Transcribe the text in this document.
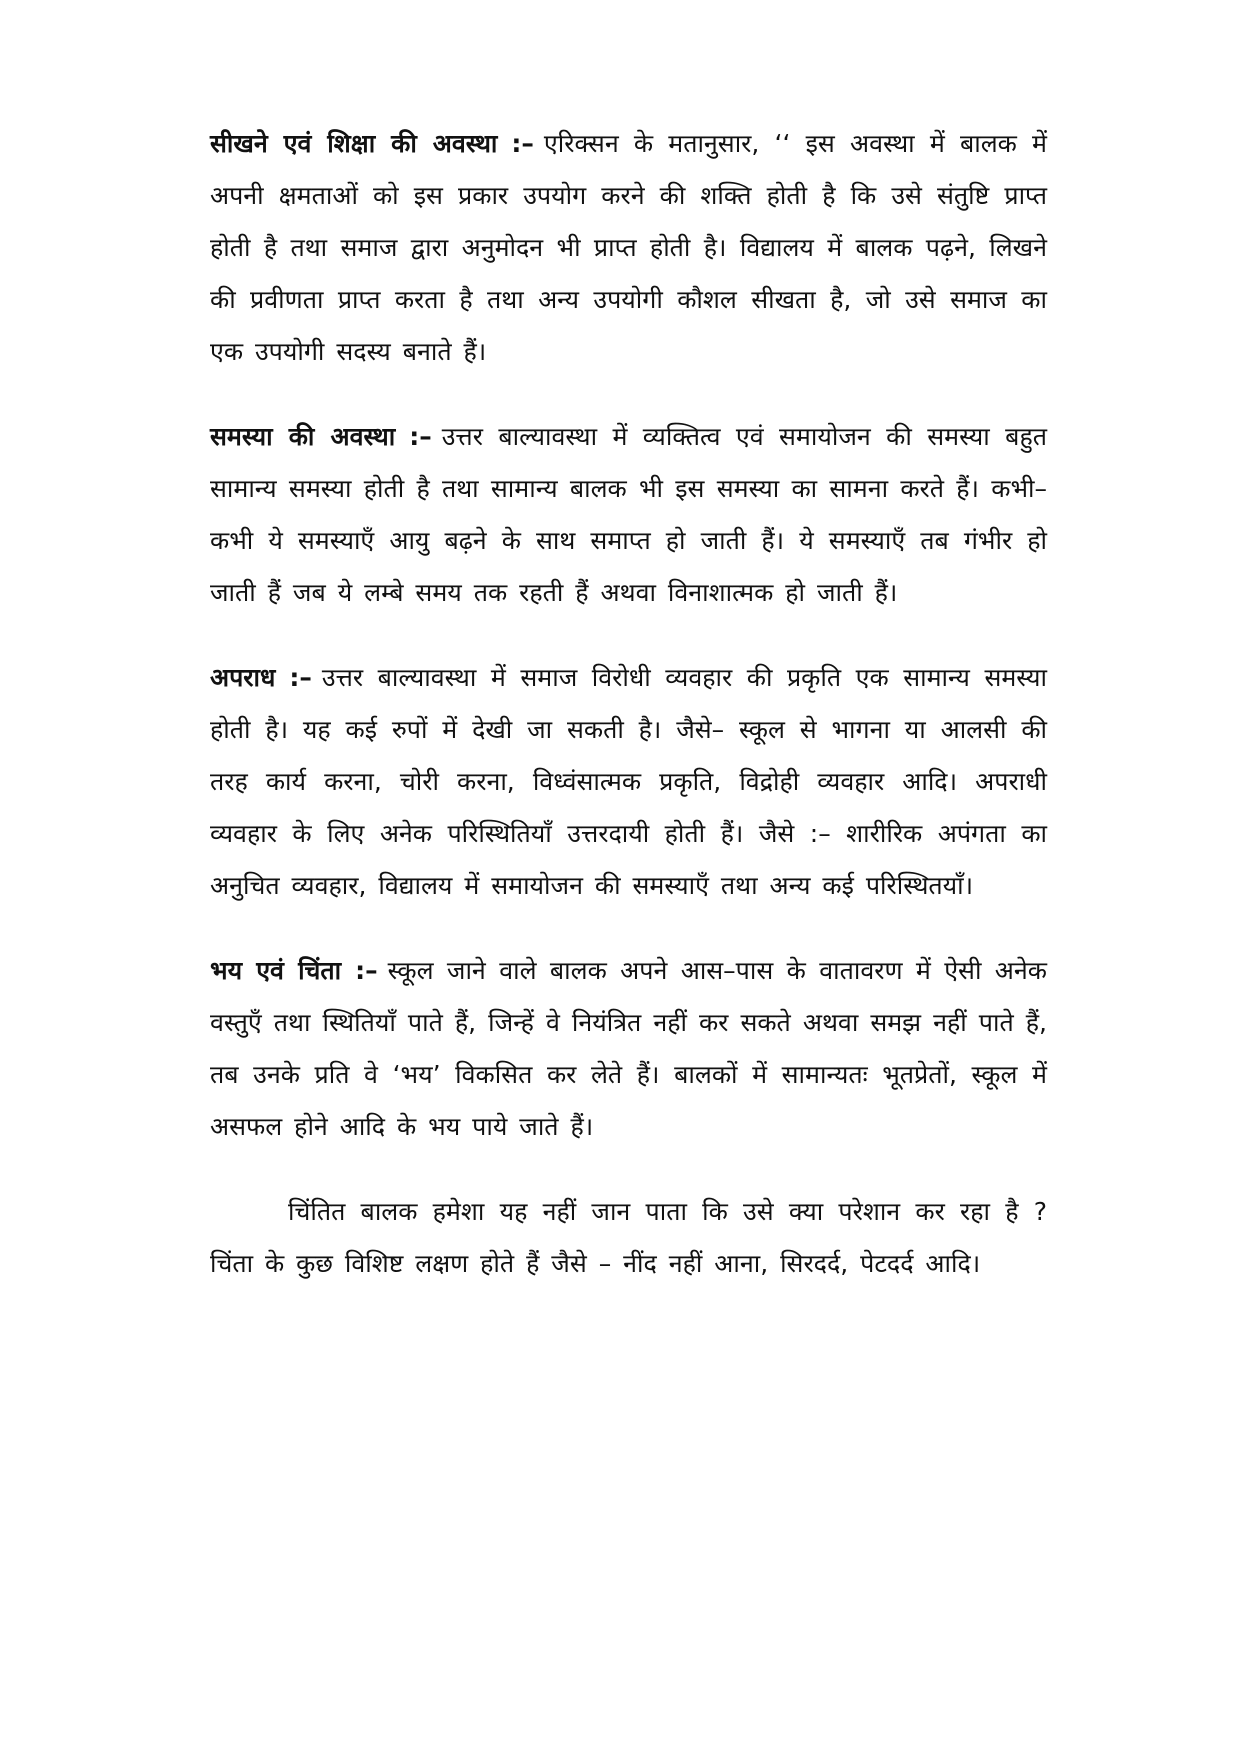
सीखने एवं शिक्षा की अवस्था :– एरिक्सन के मतानुसार, ‘‘ इस अवस्था में बालक में अपनी क्षमताओं को इस प्रकार उपयोग करने की शक्ति होती है कि उसे संतुष्टि प्राप्त होती है तथा समाज द्वारा अनुमोदन भी प्राप्त होती है। विद्यालय में बालक पढ़ने, लिखने की प्रवीणता प्राप्त करता है तथा अन्य उपयोगी कौशल सीखता है, जो उसे समाज का एक उपयोगी सदस्य बनाते हैं।

समस्या की अवस्था :– उत्तर बाल्यावस्था में व्यक्तित्व एवं समायोजन की समस्या बहुत सामान्य समस्या होती है तथा सामान्य बालक भी इस समस्या का सामना करते हैं। कभी–कभी ये समस्याएँ आयु बढ़ने के साथ समाप्त हो जाती हैं। ये समस्याएँ तब गंभीर हो जाती हैं जब ये लम्बे समय तक रहती हैं अथवा विनाशात्मक हो जाती हैं।

अपराध :– उत्तर बाल्यावस्था में समाज विरोधी व्यवहार की प्रकृति एक सामान्य समस्या होती है। यह कई रुपों में देखी जा सकती है। जैसे– स्कूल से भागना या आलसी की तरह कार्य करना, चोरी करना, विध्वंसात्मक प्रकृति, विद्रोही व्यवहार आदि। अपराधी व्यवहार के लिए अनेक परिस्थितियाँ उत्तरदायी होती हैं। जैसे :– शारीरिक अपंगता का अनुचित व्यवहार, विद्यालय में समायोजन की समस्याएँ तथा अन्य कई परिस्थितयाँ।

भय एवं चिंता :– स्कूल जाने वाले बालक अपने आस–पास के वातावरण में ऐसी अनेक वस्तुएँ तथा स्थितियाँ पाते हैं, जिन्हें वे नियंत्रित नहीं कर सकते अथवा समझ नहीं पाते हैं, तब उनके प्रति वे ‘भय’ विकसित कर लेते हैं। बालकों में सामान्यतः भूतप्रेतों, स्कूल में असफल होने आदि के भय पाये जाते हैं।

चिंतित बालक हमेशा यह नहीं जान पाता कि उसे क्या परेशान कर रहा है ? चिंता के कुछ विशिष्ट लक्षण होते हैं जैसे – नींद नहीं आना, सिरदर्द, पेटदर्द आदि।
